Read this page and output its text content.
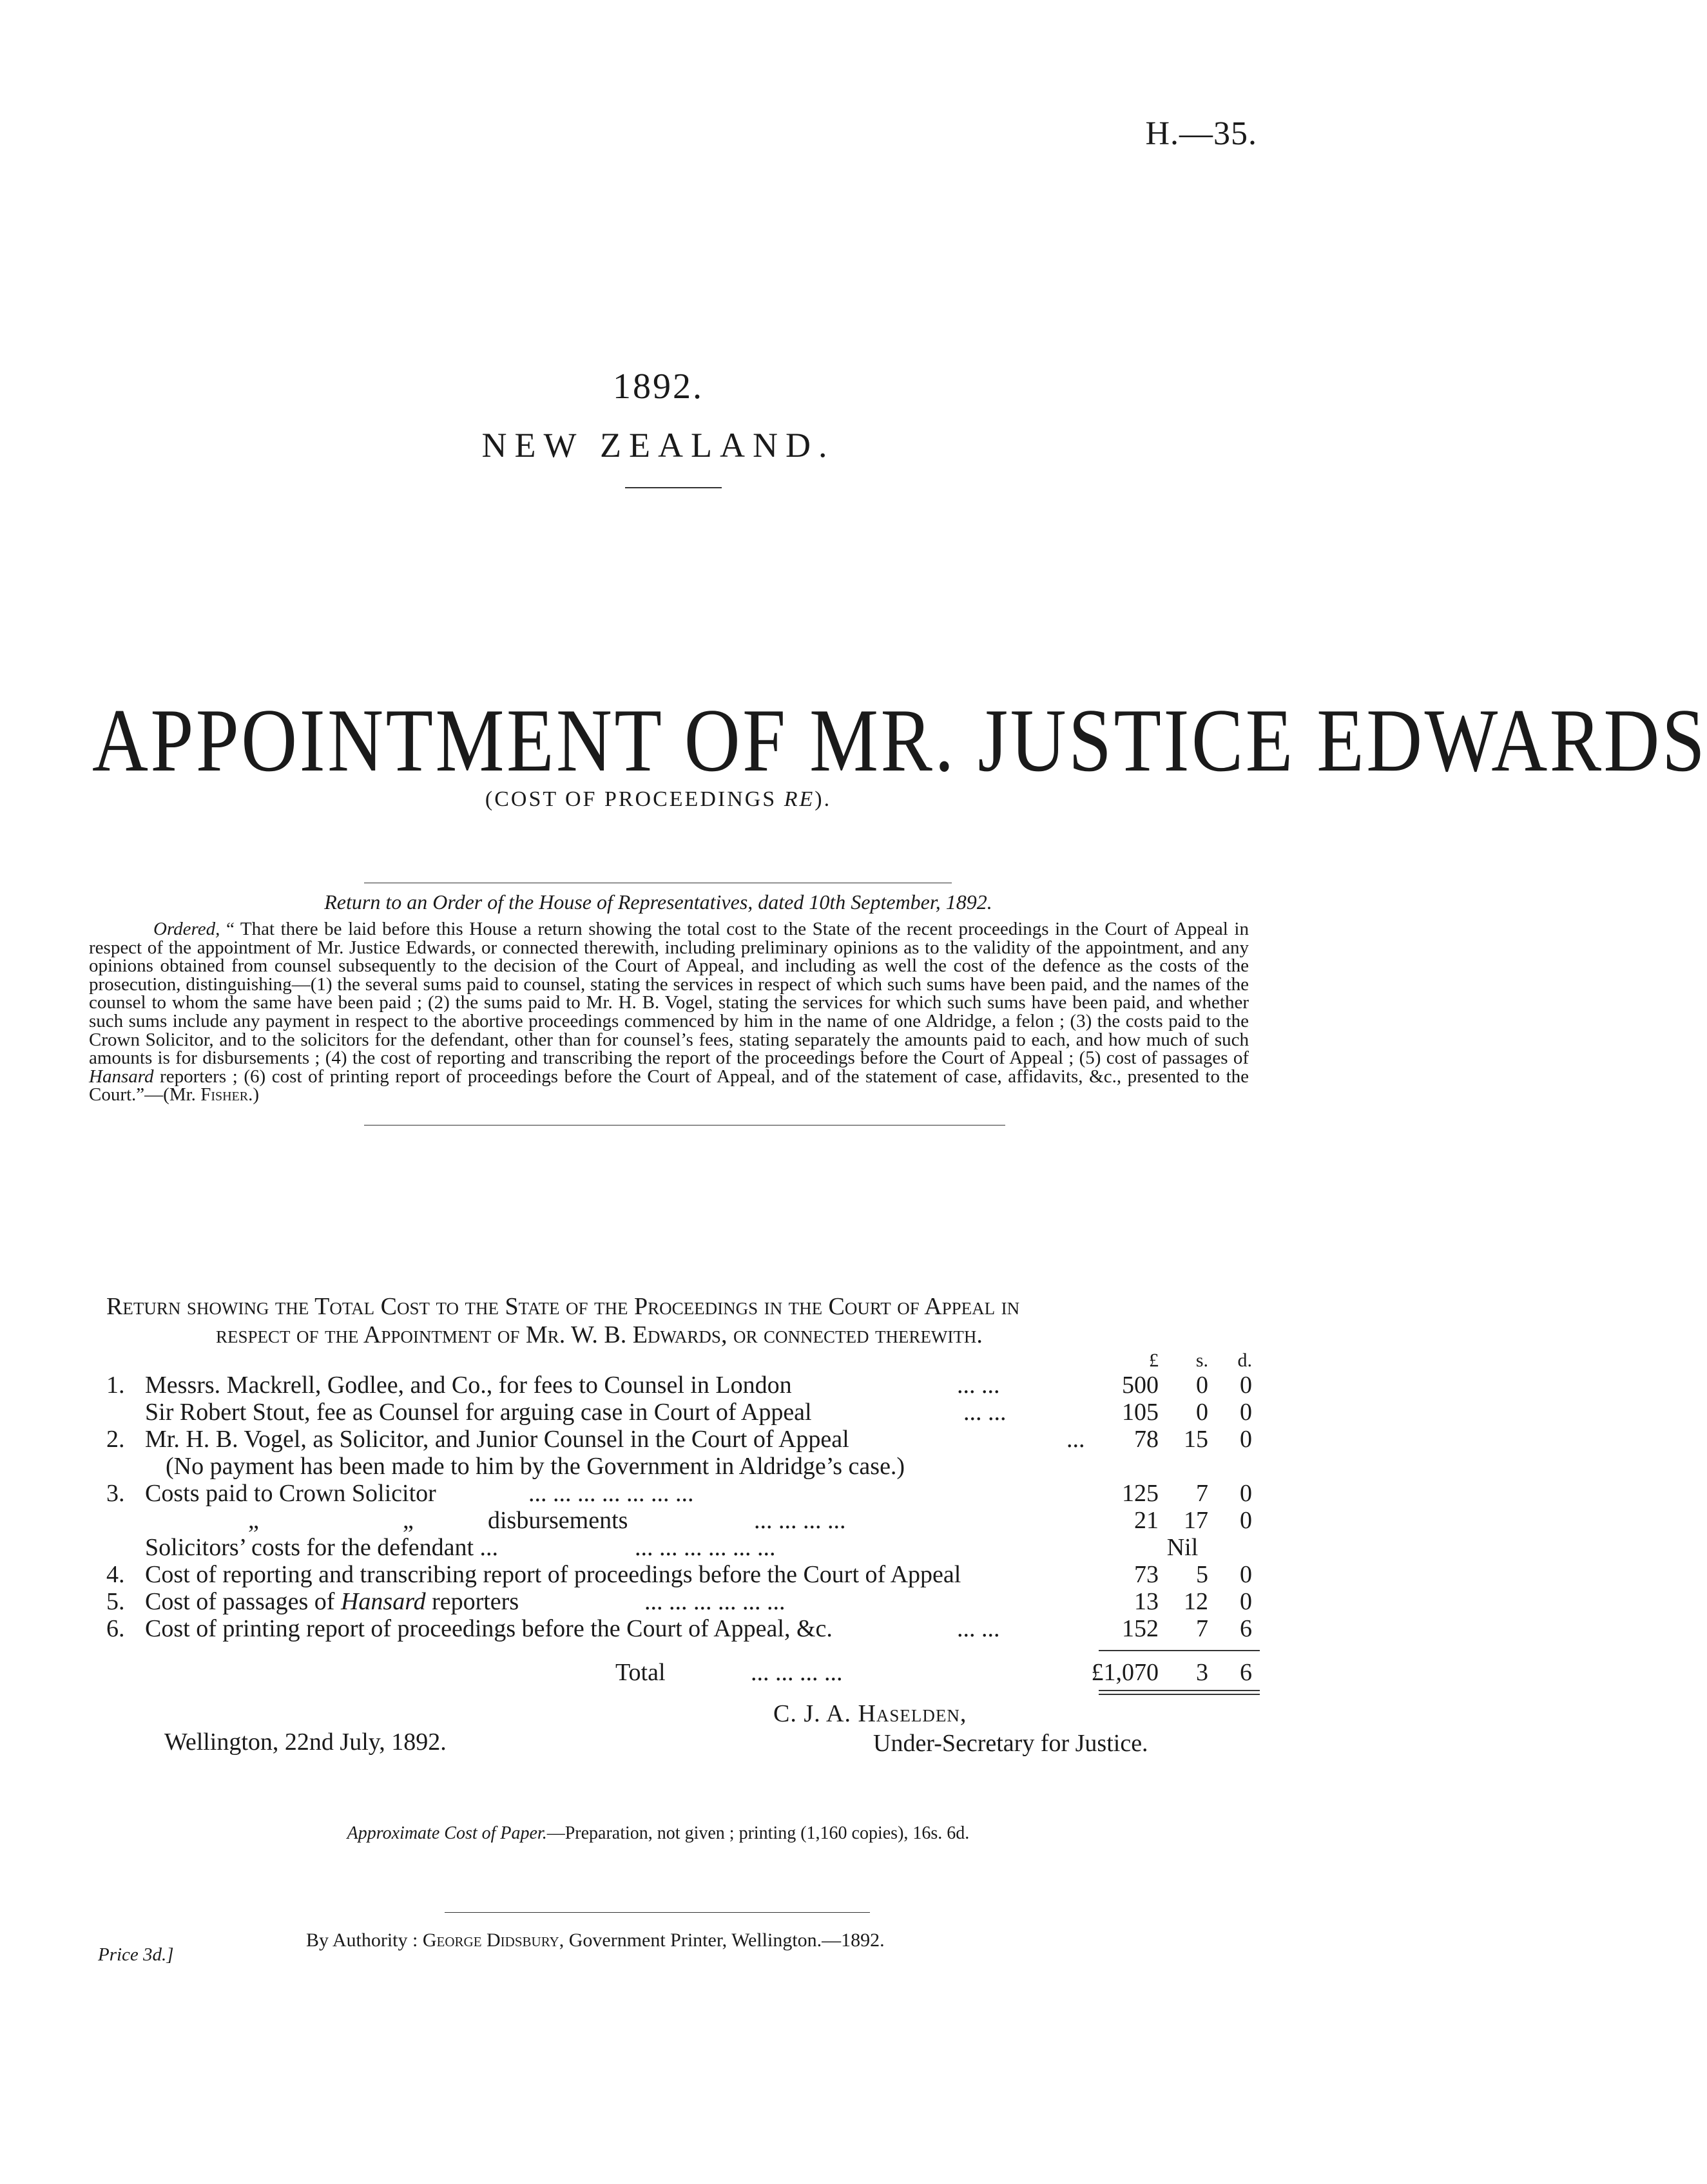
H.—35.
1892.
NEW ZEALAND.
APPOINTMENT OF MR. JUSTICE EDWARDS
(COST OF PROCEEDINGS RE).
Return to an Order of the House of Representatives, dated 10th September, 1892.
Ordered, “ That there be laid before this House a return showing the total cost to the State of the recent proceedings in the Court of Appeal in respect of the appointment of Mr. Justice Edwards, or connected therewith, including preliminary opinions as to the validity of the appointment, and any opinions obtained from counsel subsequently to the decision of the Court of Appeal, and including as well the cost of the defence as the costs of the prosecution, distinguishing—(1) the several sums paid to counsel, stating the services in respect of which such sums have been paid, and the names of the counsel to whom the same have been paid ; (2) the sums paid to Mr. H. B. Vogel, stating the services for which such sums have been paid, and whether such sums include any payment in respect to the abortive proceedings commenced by him in the name of one Aldridge, a felon ; (3) the costs paid to the Crown Solicitor, and to the solicitors for the defendant, other than for counsel’s fees, stating separately the amounts paid to each, and how much of such amounts is for disbursements ; (4) the cost of reporting and transcribing the report of the proceedings before the Court of Appeal ; (5) cost of passages of Hansard reporters ; (6) cost of printing report of proceedings before the Court of Appeal, and of the statement of case, affidavits, &c., presented to the Court.”—(Mr. Fisher.)
Return showing the Total Cost to the State of the Proceedings in the Court of Appeal in
respect of the Appointment of Mr. W. B. Edwards, or connected therewith.
£	s.	d.
1. Messrs. Mackrell, Godlee, and Co., for fees to Counsel in London	... ...	500	0	0
Sir Robert Stout, fee as Counsel for arguing case in Court of Appeal	... ...	105	0	0
2. Mr. H. B. Vogel, as Solicitor, and Junior Counsel in the Court of Appeal	...	78	15	0
(No payment has been made to him by the Government in Aldridge’s case.)
3. Costs paid to Crown Solicitor	... ... ... ... ... ... ...	125	7	0
„	„	disbursements	... ... ... ...	21	17	0
Solicitors’ costs for the defendant ...	... ... ... ... ... ...	Nil
4. Cost of reporting and transcribing report of proceedings before the Court of Appeal	73	5	0
5. Cost of passages of Hansard reporters	... ... ... ... ... ...	13	12	0
6. Cost of printing report of proceedings before the Court of Appeal, &c.	... ...	152	7	6
Total	... ... ... ...	£1,070	3	6
C. J. A. Haselden,
Wellington, 22nd July, 1892.	Under-Secretary for Justice.
Approximate Cost of Paper.—Preparation, not given ; printing (1,160 copies), 16s. 6d.
By Authority : George Didsbury, Government Printer, Wellington.—1892.
Price 3d.]
